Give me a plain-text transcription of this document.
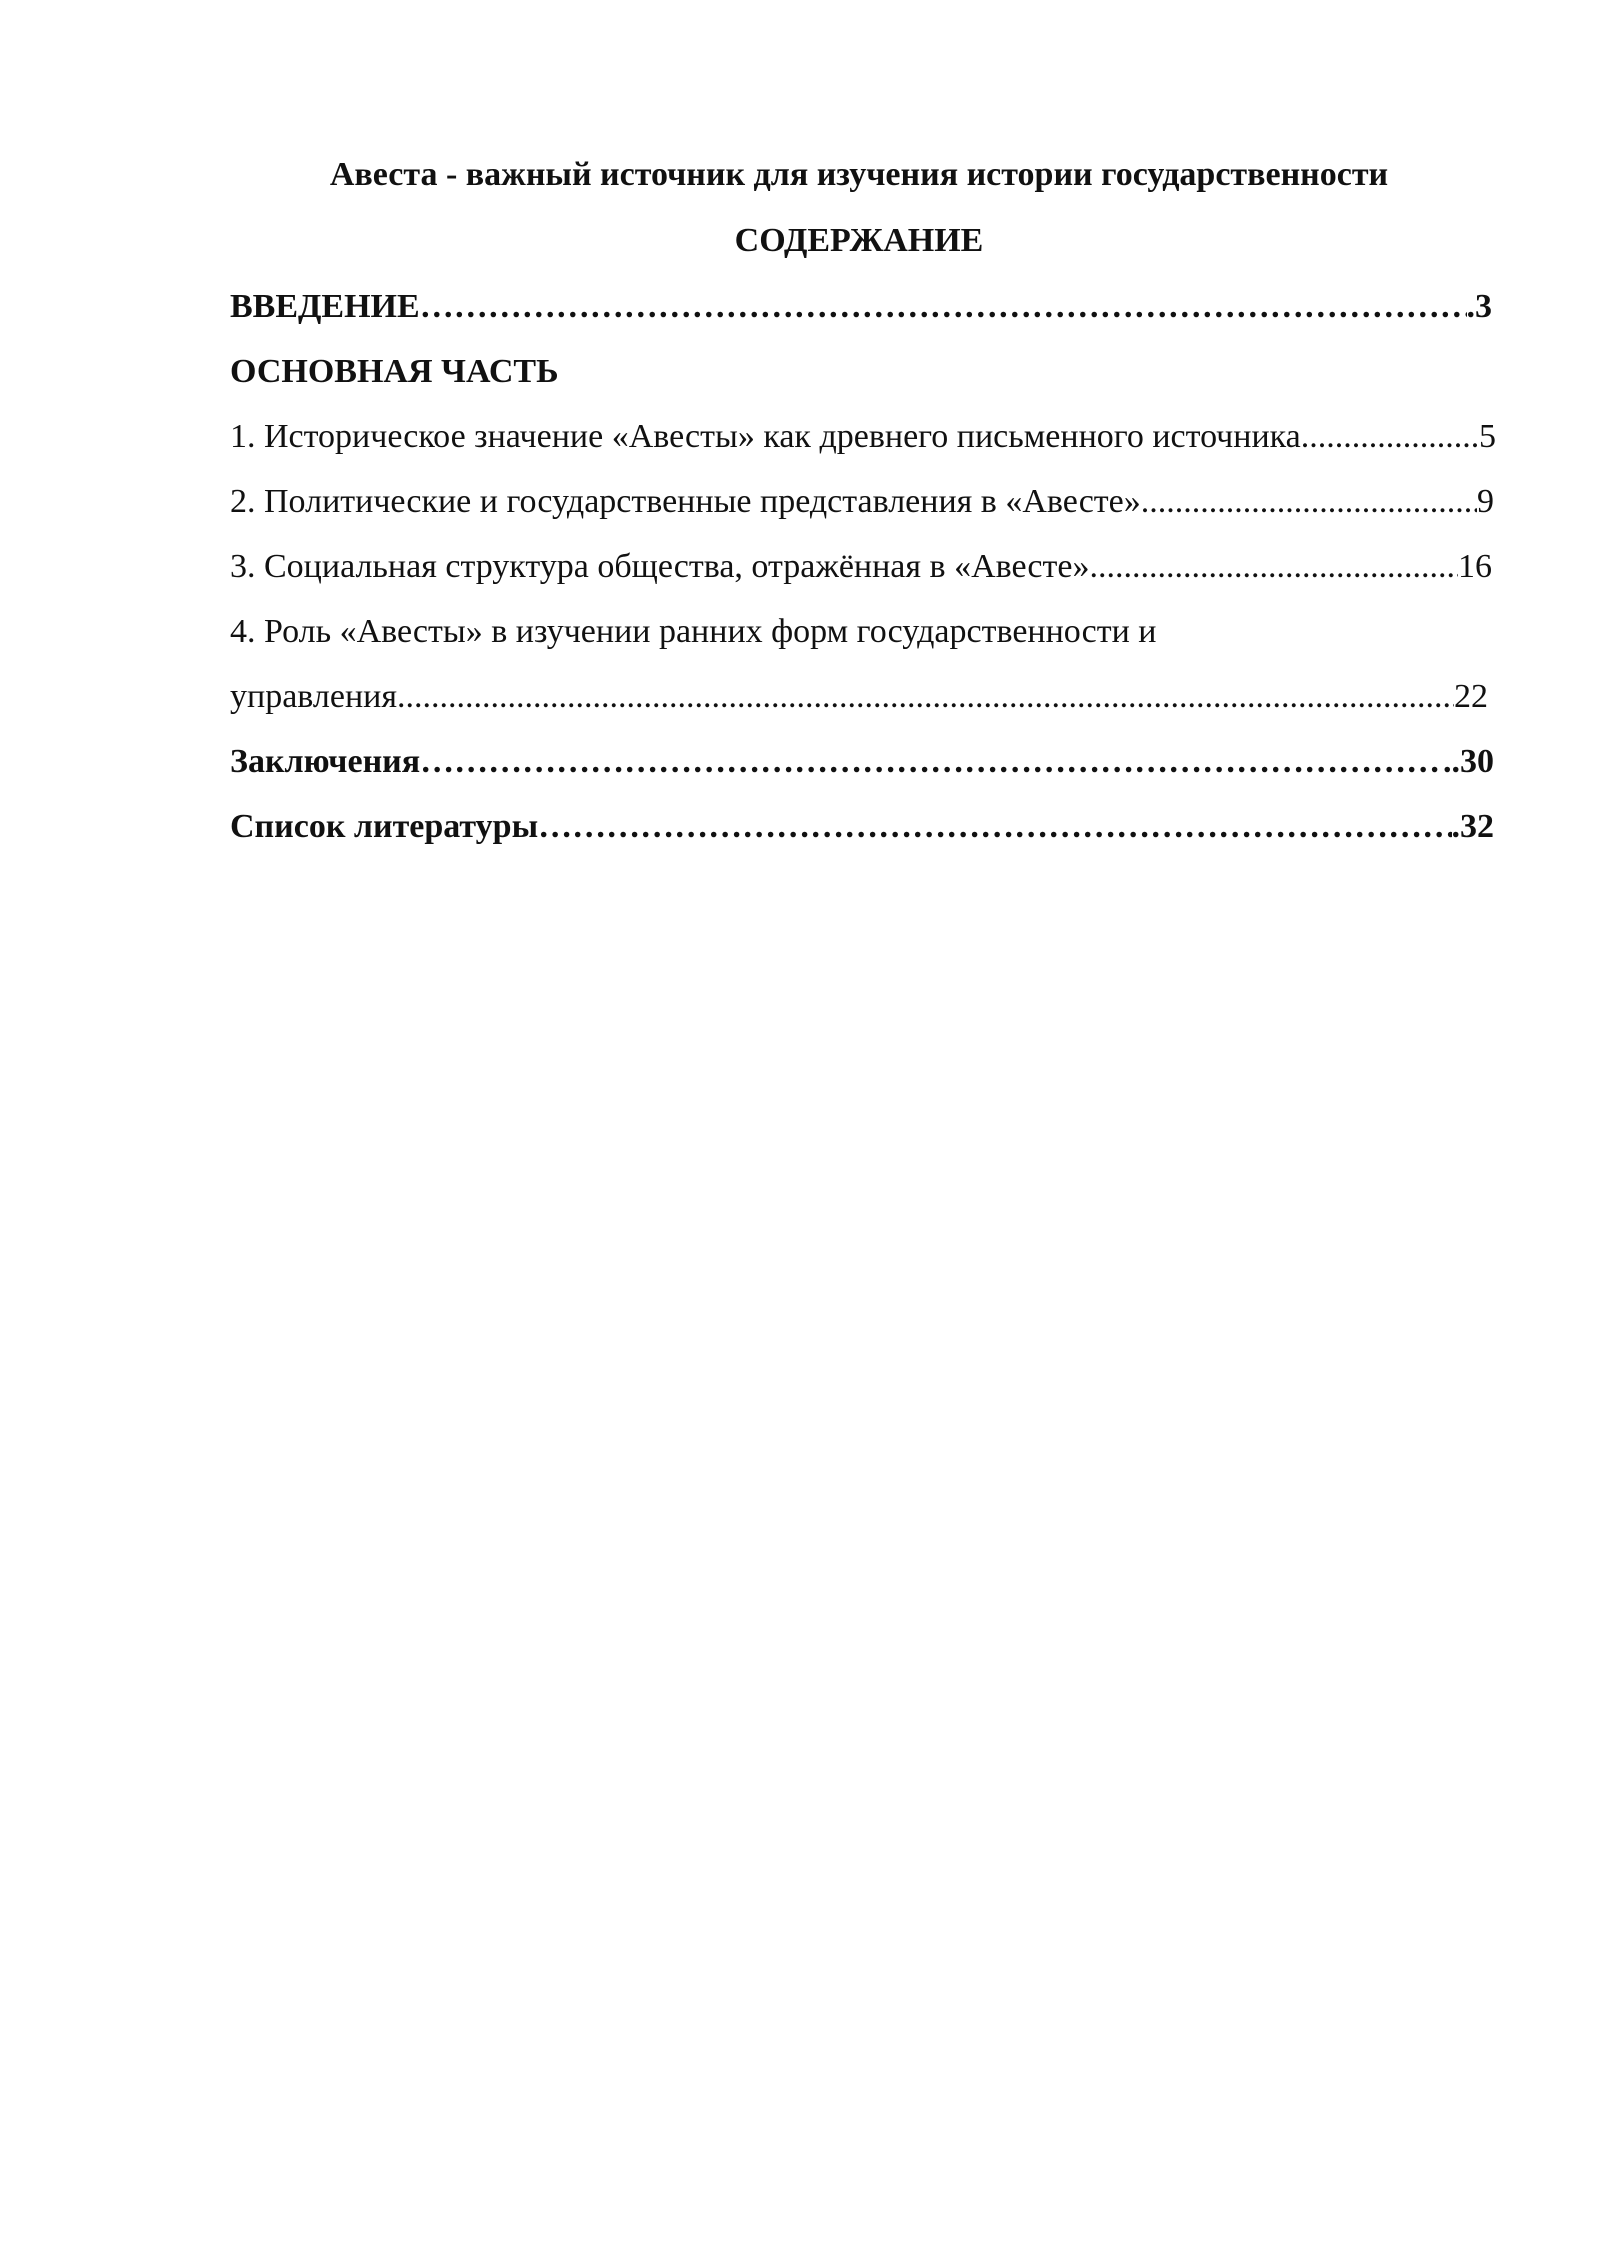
Авеста - важный источник для изучения истории государственности
СОДЕРЖАНИЕ
ВВЕДЕНИЕ ……………………………………………………………………………………………………………………………………………………………………………………………	.3
ОСНОВНАЯ ЧАСТЬ
1. Историческое значение «Авесты» как древнего письменного источника .....	5
2. Политические и государственные представления в «Авесте» .....	9
3. Социальная структура общества, отражённая в «Авесте» .....	16
4. Роль «Авесты» в изучении ранних форм государственности и
управления .....	22
Заключения ……………………………………………………………………………………………………………………………………………………………………………………………	..30
Список литературы ……………………………………………………………………………………………………………………………………………………………………………………………	.32
